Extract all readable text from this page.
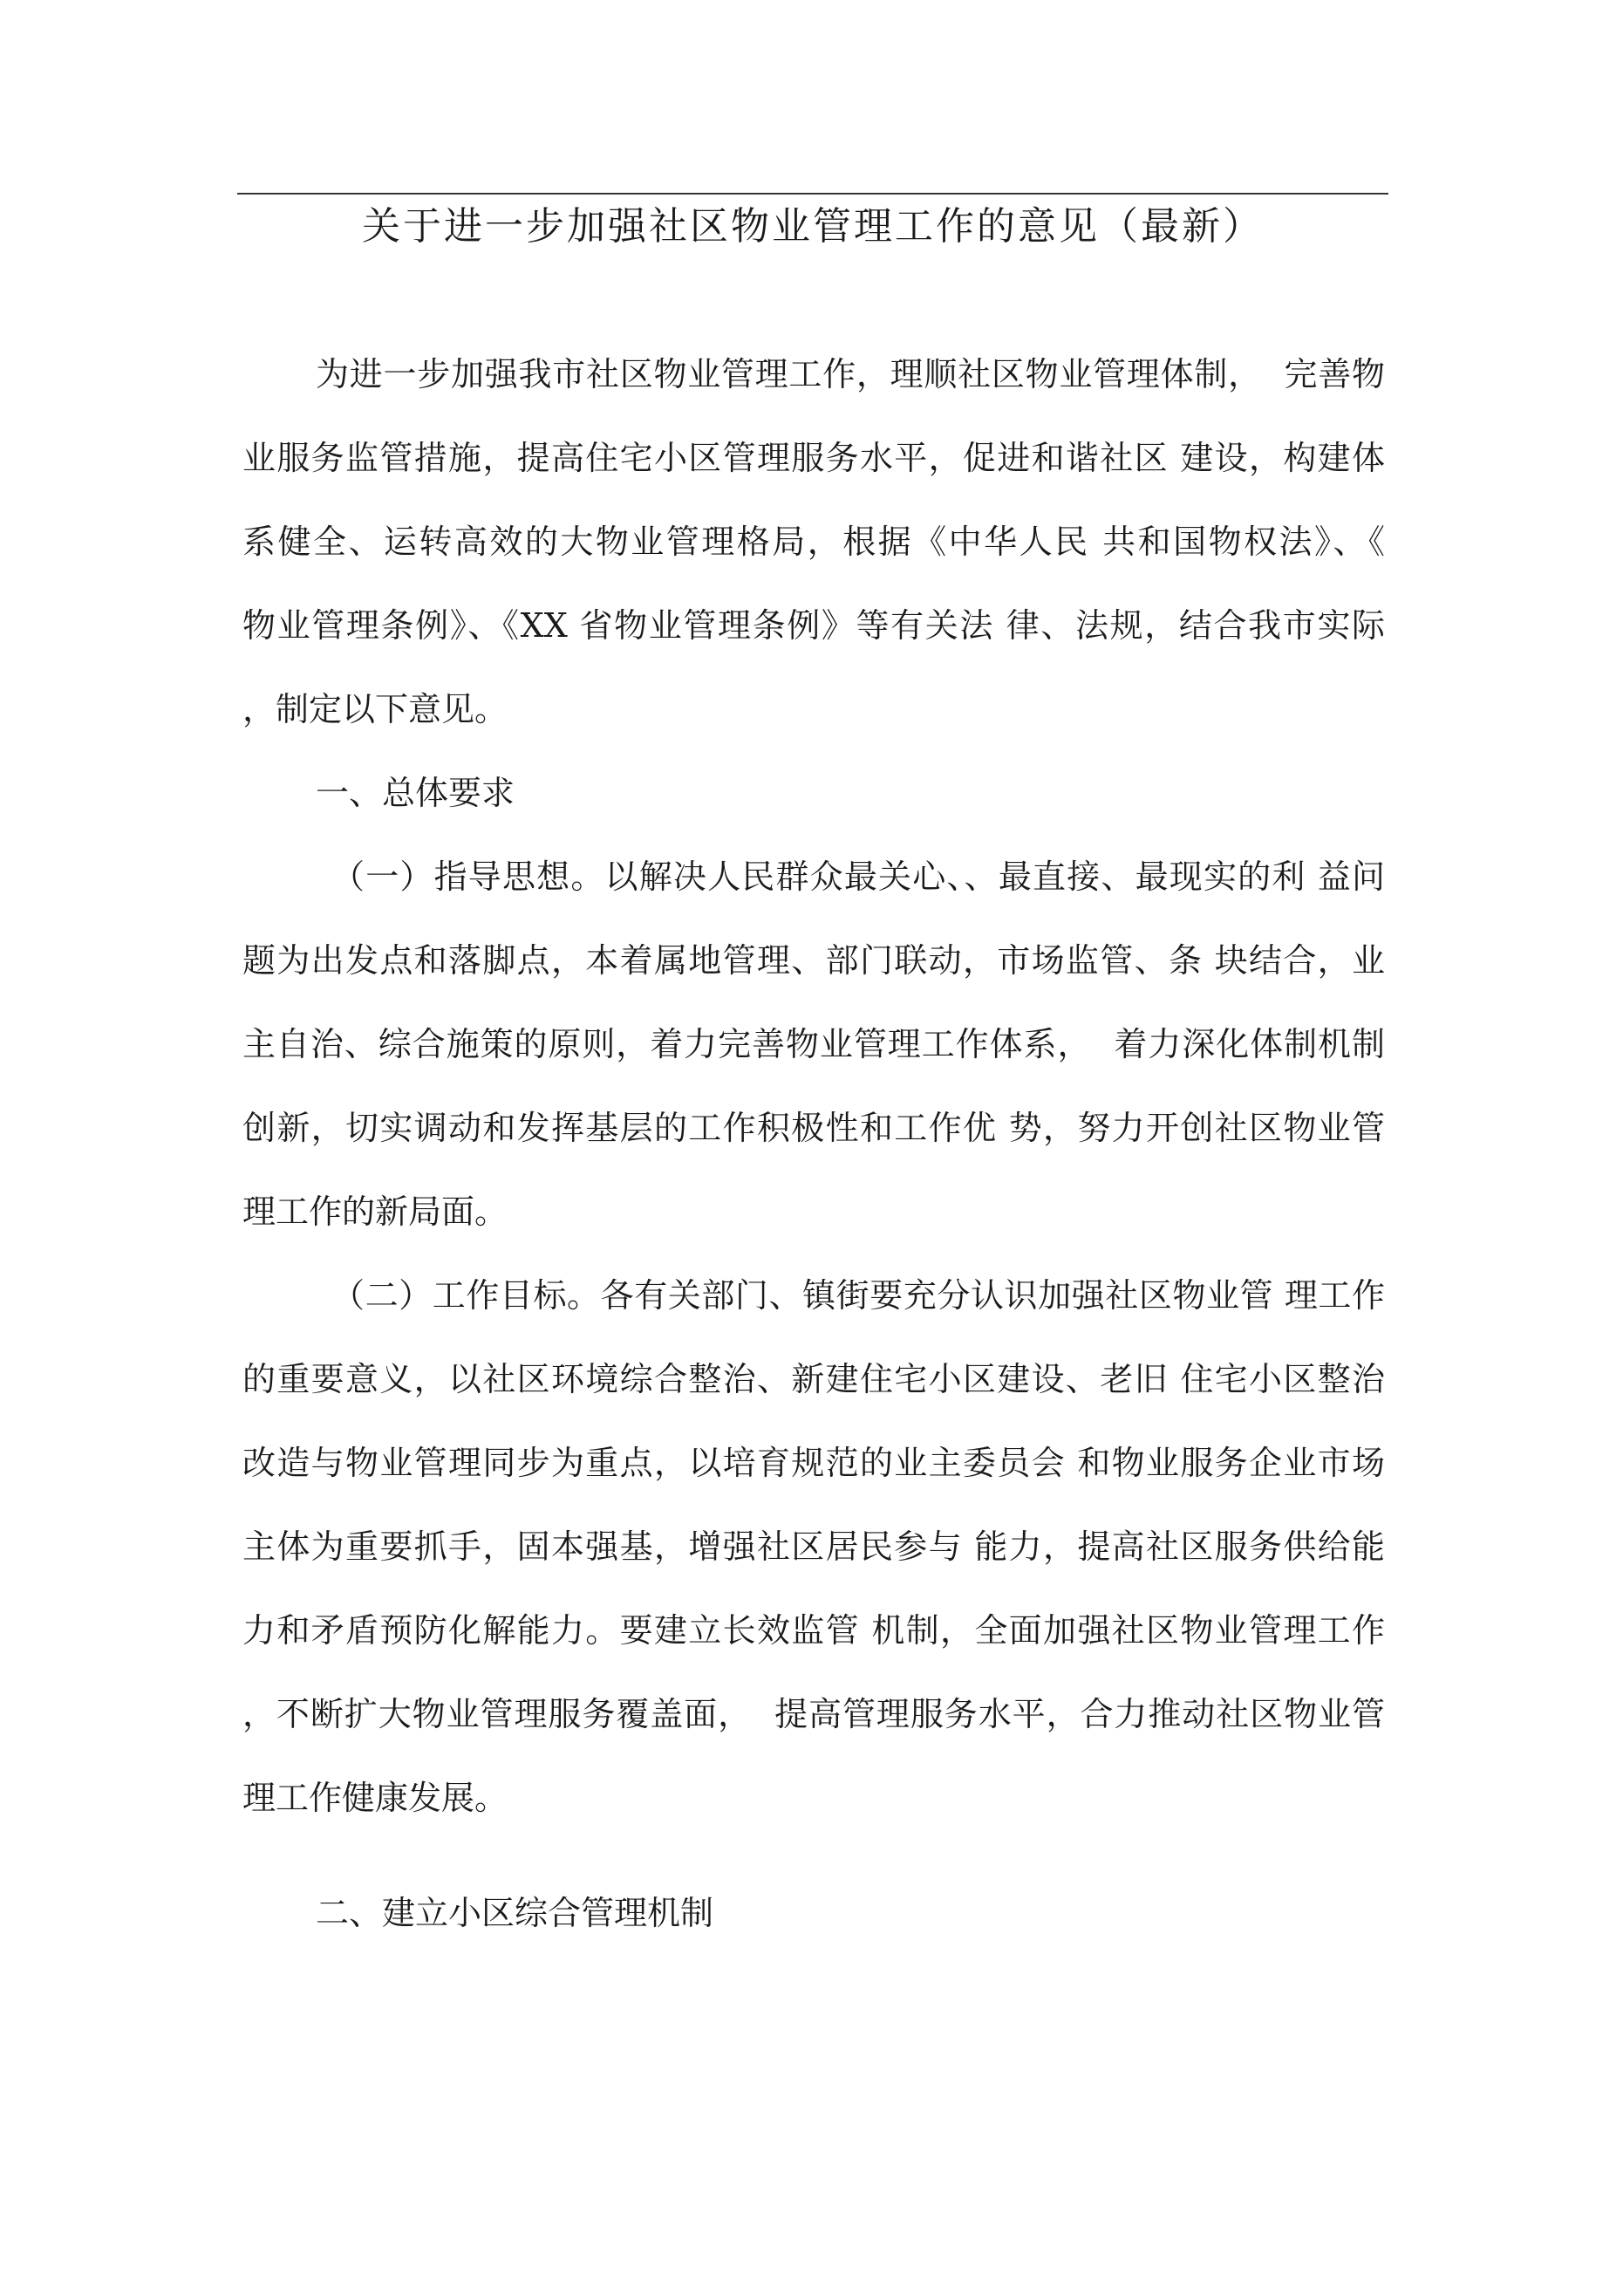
关于进一步加强社区物业管理工作的意见（最新）
为进一步加强我市社区物业管理工作，理顺社区物业管理体制，  完善物
业服务监管措施，提高住宅小区管理服务水平，促进和谐社区 建设，构建体
系健全、运转高效的大物业管理格局，根据《中华人民 共和国物权法》、《
物业管理条例》、《XX 省物业管理条例》等有关法 律、法规，结合我市实际
，制定以下意见。
一、总体要求
（一）指导思想。以解决人民群众最关心、、最直接、最现实的利 益问
题为出发点和落脚点，本着属地管理、部门联动，市场监管、条 块结合，业
主自治、综合施策的原则，着力完善物业管理工作体系，  着力深化体制机制
创新，切实调动和发挥基层的工作积极性和工作优 势，努力开创社区物业管
理工作的新局面。
（二）工作目标。各有关部门、镇街要充分认识加强社区物业管 理工作
的重要意义，以社区环境综合整治、新建住宅小区建设、老旧 住宅小区整治
改造与物业管理同步为重点，以培育规范的业主委员会 和物业服务企业市场
主体为重要抓手，固本强基，增强社区居民参与 能力，提高社区服务供给能
力和矛盾预防化解能力。要建立长效监管 机制，全面加强社区物业管理工作
，不断扩大物业管理服务覆盖面，  提高管理服务水平，合力推动社区物业管
理工作健康发展。
二、建立小区综合管理机制
